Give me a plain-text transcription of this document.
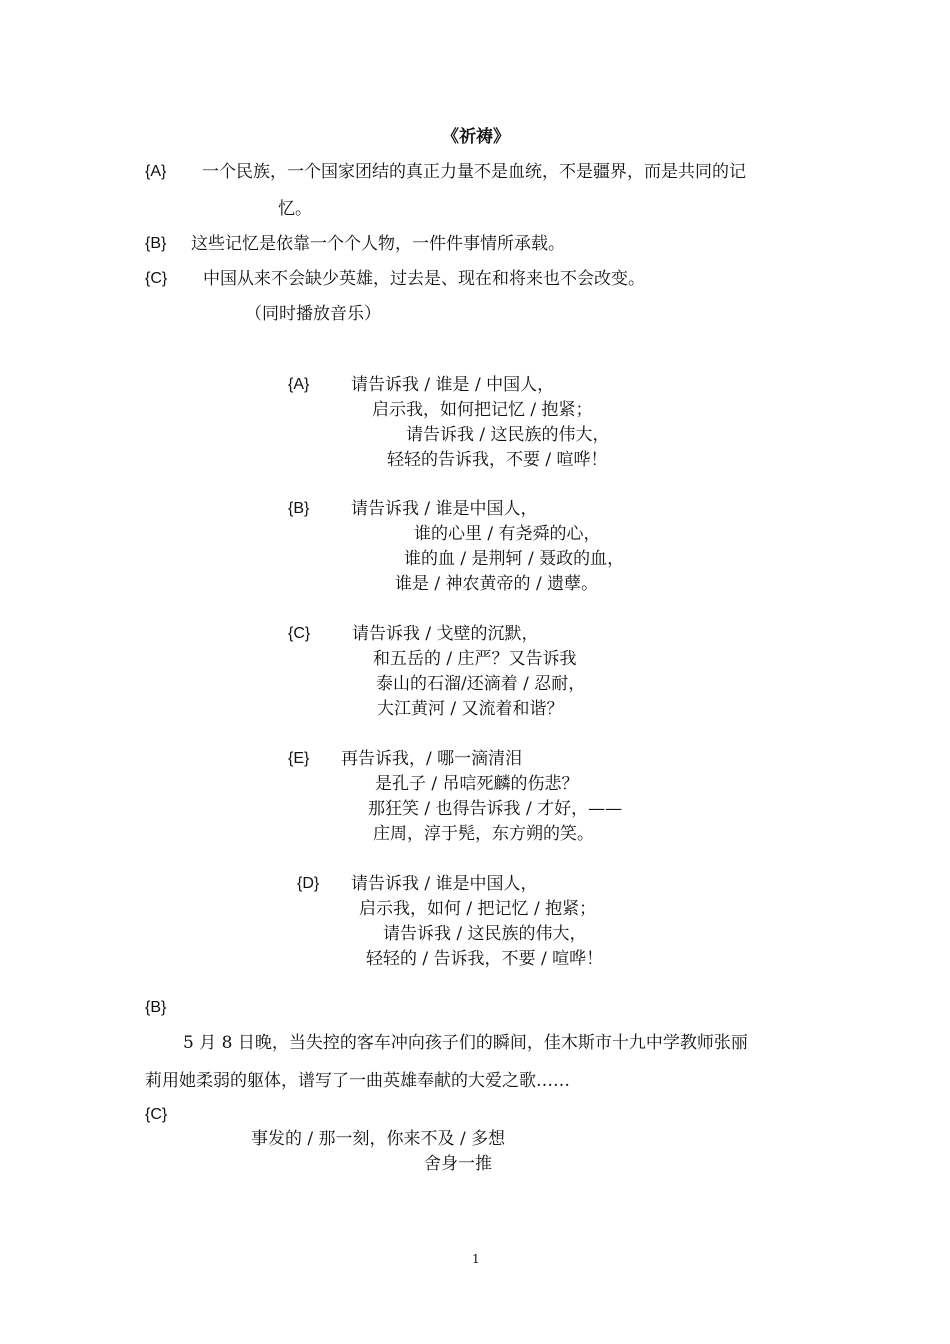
《祈祷》
{A} 一个民族，一个国家团结的真正力量不是血统，不是疆界，而是共同的记
忆。
{B} 这些记忆是依靠一个个人物，一件件事情所承载。
{C} 中国从来不会缺少英雄，过去是、现在和将来也不会改变。
（同时播放音乐）
{A} 请告诉我 / 谁是 / 中国人，
启示我，如何把记忆 / 抱紧；
请告诉我 / 这民族的伟大，
轻轻的告诉我，不要 / 喧哗！
{B} 请告诉我 / 谁是中国人，
谁的心里 / 有尧舜的心，
谁的血 / 是荆轲 / 聂政的血，
谁是 / 神农黄帝的 / 遗孽。
{C} 请告诉我 / 戈壁的沉默，
和五岳的 / 庄严？又告诉我
泰山的石溜/还滴着 / 忍耐，
大江黄河 / 又流着和谐？
{E} 再告诉我，/ 哪一滴清泪
是孔子 / 吊唁死麟的伤悲？
那狂笑 / 也得告诉我 / 才好，——
庄周，淳于髡，东方朔的笑。
{D} 请告诉我 / 谁是中国人，
启示我，如何 / 把记忆 / 抱紧；
请告诉我 / 这民族的伟大，
轻轻的 / 告诉我，不要 / 喧哗！
{B}
5 月 8 日晚，当失控的客车冲向孩子们的瞬间，佳木斯市十九中学教师张丽
莉用她柔弱的躯体，谱写了一曲英雄奉献的大爱之歌……
{C}
事发的 / 那一刻，你来不及 / 多想
舍身一推
1
